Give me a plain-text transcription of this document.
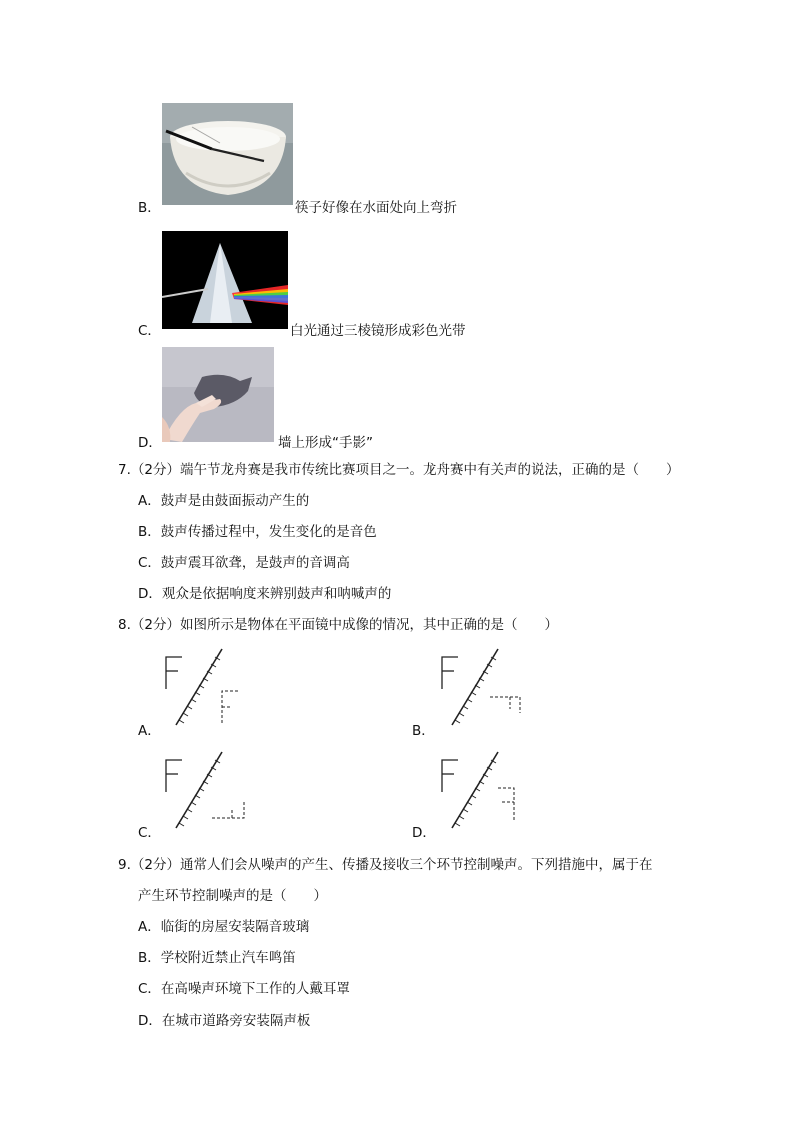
B．	筷子好像在水面处向上弯折
C．	白光通过三棱镜形成彩色光带
D．	墙上形成“手影”
7.（2分）端午节龙舟赛是我市传统比赛项目之一。龙舟赛中有关声的说法，正确的是（　　）
A．鼓声是由鼓面振动产生的
B．鼓声传播过程中，发生变化的是音色
C．鼓声震耳欲聋，是鼓声的音调高
D．观众是依据响度来辨别鼓声和呐喊声的
8.（2分）如图所示是物体在平面镜中成像的情况，其中正确的是（　　）
A．	B．
C．	D．
9.（2分）通常人们会从噪声的产生、传播及接收三个环节控制噪声。下列措施中，属于在
产生环节控制噪声的是（　　）
A．临街的房屋安装隔音玻璃
B．学校附近禁止汽车鸣笛
C．在高噪声环境下工作的人戴耳罩
D．在城市道路旁安装隔声板
